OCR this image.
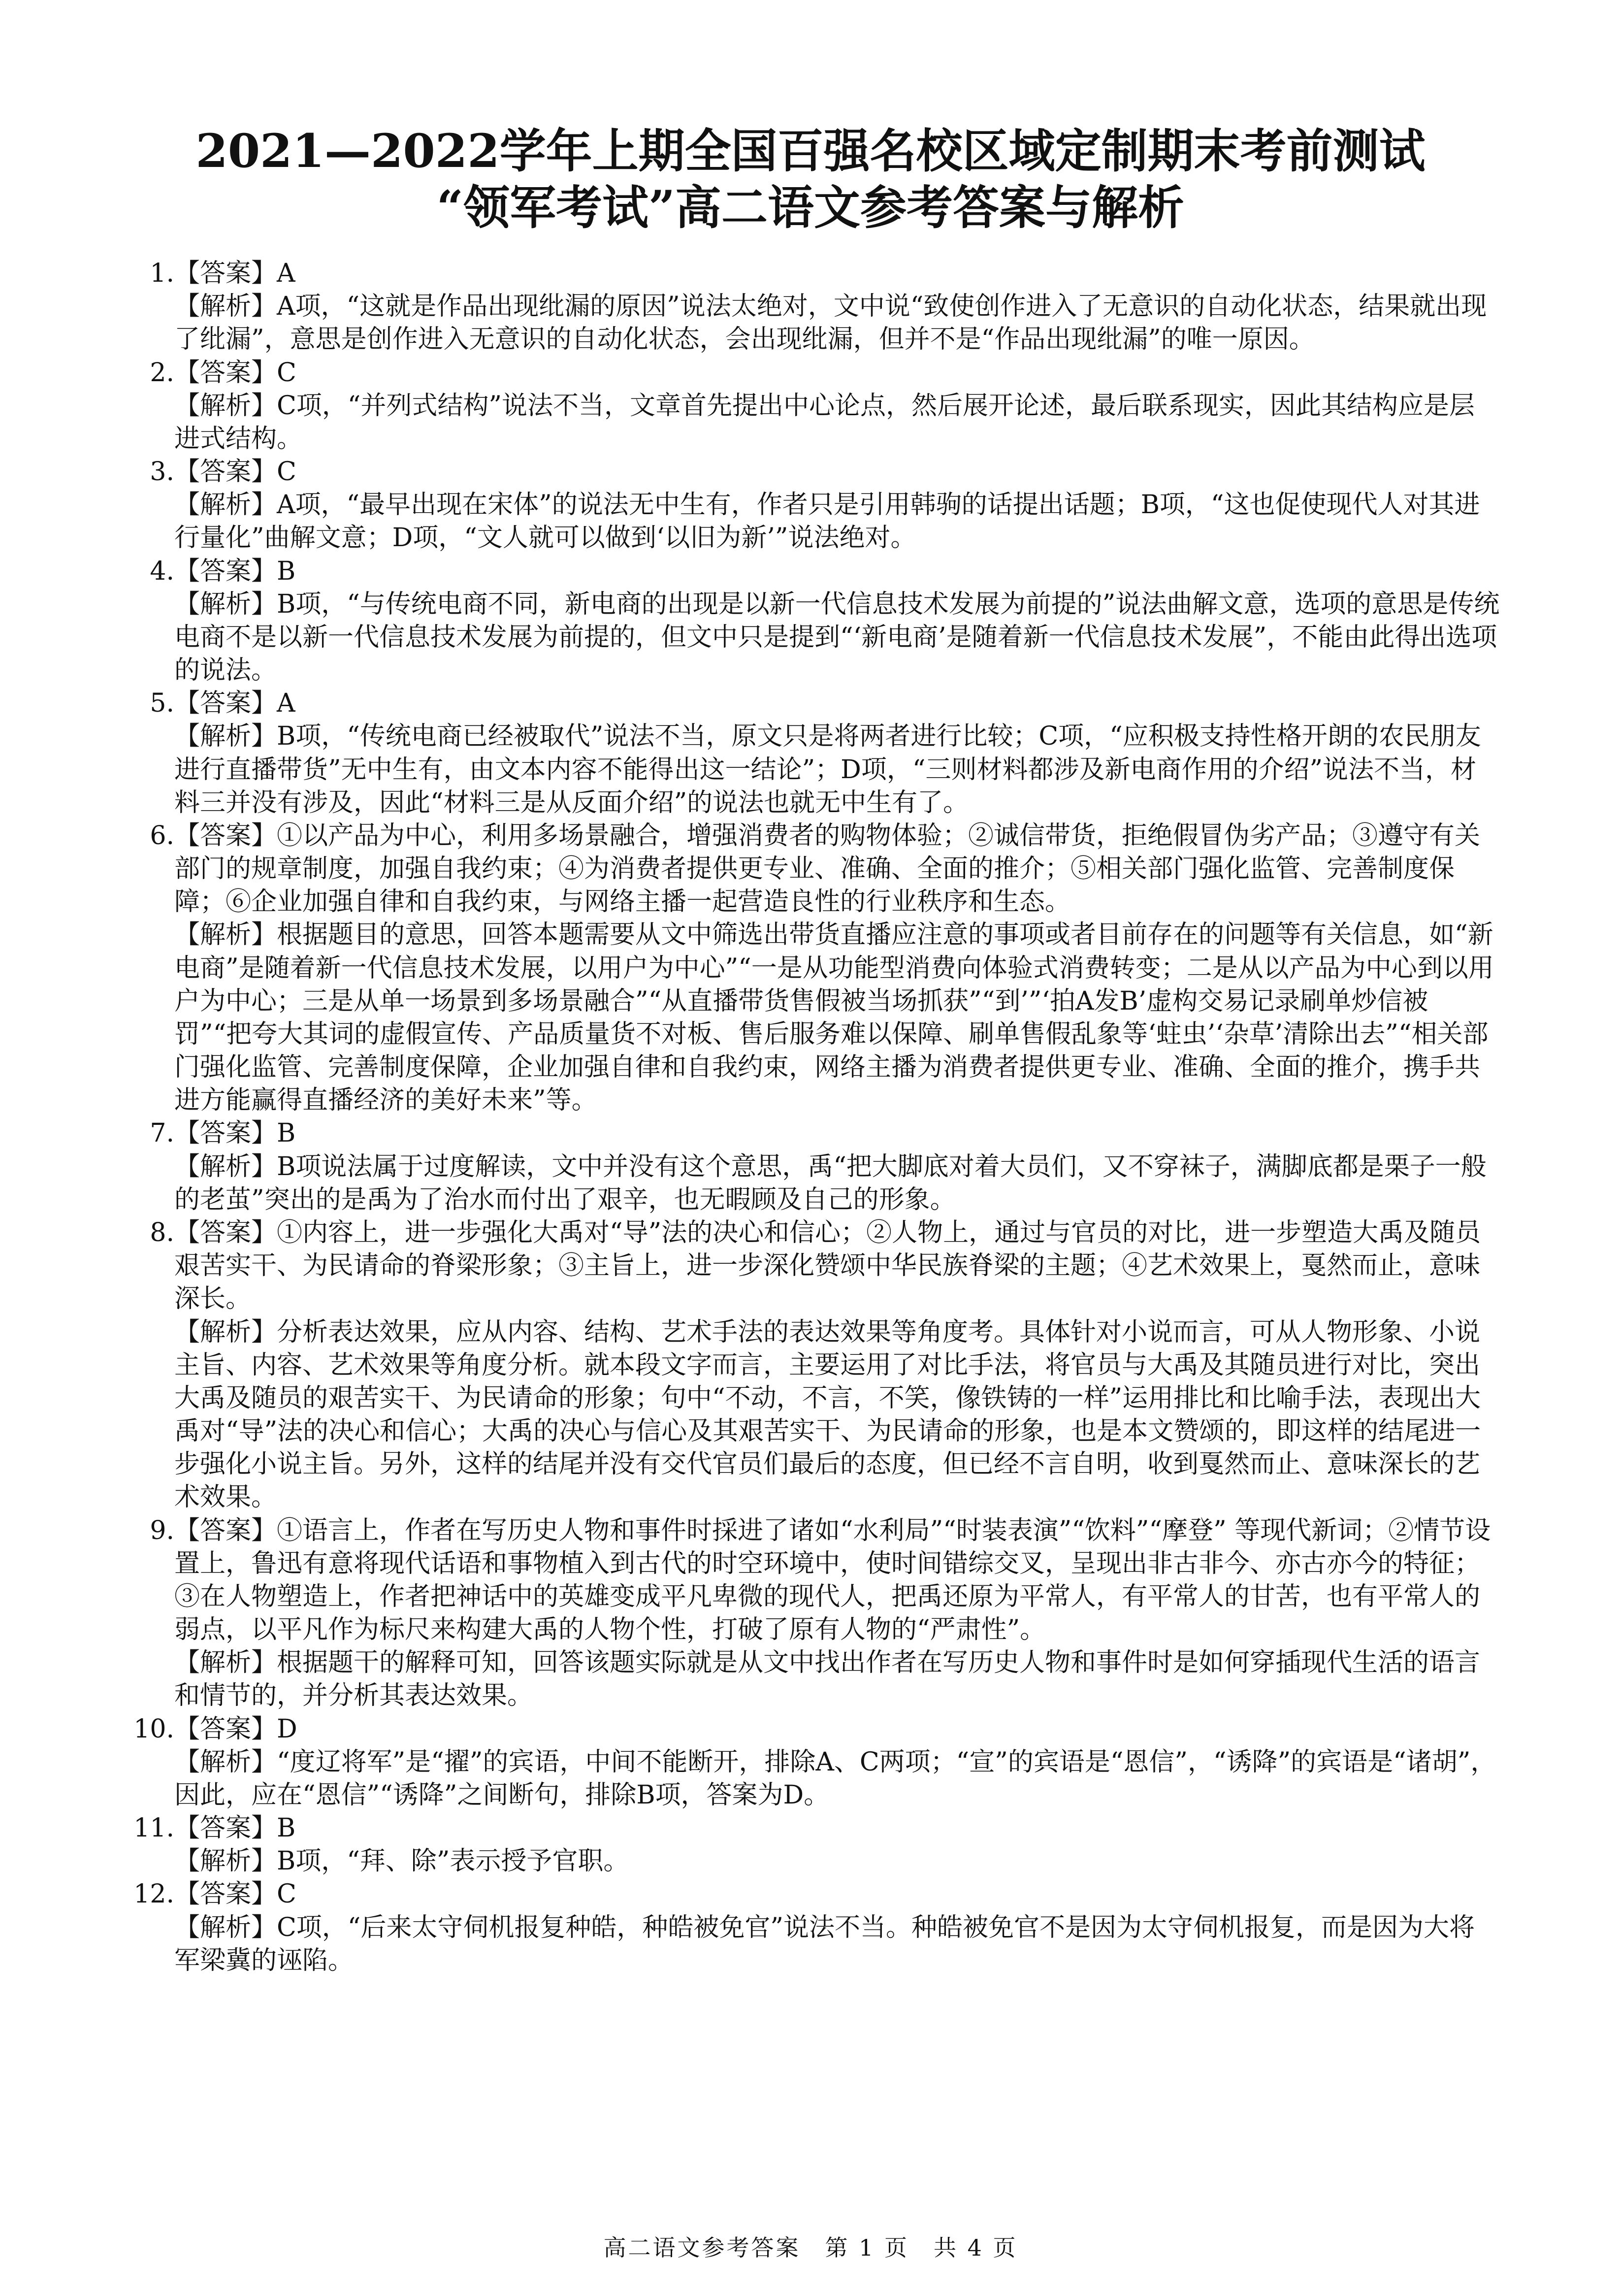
2021—2022学年上期全国百强名校区域定制期末考前测试
“领军考试”高二语文参考答案与解析
1. 【答案】A

【解析】A项，“这就是作品出现纰漏的原因”说法太绝对，文中说“致使创作进入了无意识的自动化状态，结果就出现了纰漏”，意思是创作进入无意识的自动化状态，会出现纰漏，但并不是“作品出现纰漏”的唯一原因。

2. 【答案】C

【解析】C项，“并列式结构”说法不当，文章首先提出中心论点，然后展开论述，最后联系现实，因此其结构应是层进式结构。

3. 【答案】C

【解析】A项，“最早出现在宋体”的说法无中生有，作者只是引用韩驹的话提出话题；B项，“这也促使现代人对其进行量化”曲解文意；D项，“文人就可以做到‘以旧为新’”说法绝对。

4. 【答案】B

【解析】B项，“与传统电商不同，新电商的出现是以新一代信息技术发展为前提的”说法曲解文意，选项的意思是传统电商不是以新一代信息技术发展为前提的，但文中只是提到“‘新电商’是随着新一代信息技术发展”，不能由此得出选项的说法。

5. 【答案】A

【解析】B项，“传统电商已经被取代”说法不当，原文只是将两者进行比较；C项，“应积极支持性格开朗的农民朋友进行直播带货”无中生有，由文本内容不能得出这一结论”；D项，“三则材料都涉及新电商作用的介绍”说法不当，材料三并没有涉及，因此“材料三是从反面介绍”的说法也就无中生有了。

6. 【答案】①以产品为中心，利用多场景融合，增强消费者的购物体验；②诚信带货，拒绝假冒伪劣产品；③遵守有关部门的规章制度，加强自我约束；④为消费者提供更专业、准确、全面的推介；⑤相关部门强化监管、完善制度保障；⑥企业加强自律和自我约束，与网络主播一起营造良性的行业秩序和生态。

【解析】根据题目的意思，回答本题需要从文中筛选出带货直播应注意的事项或者目前存在的问题等有关信息，如“新电商”是随着新一代信息技术发展，以用户为中心”“一是从功能型消费向体验式消费转变；二是从以产品为中心到以用户为中心；三是从单一场景到多场景融合”“从直播带货售假被当场抓获”“到’”‘拍A发B’虚构交易记录刷单炒信被罚”“把夸大其词的虚假宣传、产品质量货不对板、售后服务难以保障、刷单售假乱象等‘蛀虫’‘杂草’清除出去”“相关部门强化监管、完善制度保障，企业加强自律和自我约束，网络主播为消费者提供更专业、准确、全面的推介，携手共进方能赢得直播经济的美好未来”等。

7. 【答案】B

【解析】B项说法属于过度解读，文中并没有这个意思，禹“把大脚底对着大员们，又不穿袜子，满脚底都是栗子一般的老茧”突出的是禹为了治水而付出了艰辛，也无暇顾及自己的形象。

8. 【答案】①内容上，进一步强化大禹对“导”法的决心和信心；②人物上，通过与官员的对比，进一步塑造大禹及随员艰苦实干、为民请命的脊梁形象；③主旨上，进一步深化赞颂中华民族脊梁的主题；④艺术效果上，戛然而止，意味深长。

【解析】分析表达效果，应从内容、结构、艺术手法的表达效果等角度考。具体针对小说而言，可从人物形象、小说主旨、内容、艺术效果等角度分析。就本段文字而言，主要运用了对比手法，将官员与大禹及其随员进行对比，突出大禹及随员的艰苦实干、为民请命的形象；句中“不动，不言，不笑，像铁铸的一样”运用排比和比喻手法，表现出大禹对“导”法的决心和信心；大禹的决心与信心及其艰苦实干、为民请命的形象，也是本文赞颂的，即这样的结尾进一步强化小说主旨。另外，这样的结尾并没有交代官员们最后的态度，但已经不言自明，收到戛然而止、意味深长的艺术效果。

9. 【答案】①语言上，作者在写历史人物和事件时採进了诸如“水利局”“时装表演”“饮料”“摩登” 等现代新词；②情节设置上，鲁迅有意将现代话语和事物植入到古代的时空环境中，使时间错综交叉，呈现出非古非今、亦古亦今的特征；③在人物塑造上，作者把神话中的英雄变成平凡卑微的现代人，把禹还原为平常人，有平常人的甘苦，也有平常人的弱点，以平凡作为标尺来构建大禹的人物个性，打破了原有人物的“严肃性”。

【解析】根据题干的解释可知，回答该题实际就是从文中找出作者在写历史人物和事件时是如何穿插现代生活的语言和情节的，并分析其表达效果。

10. 【答案】D

【解析】“度辽将军”是“擢”的宾语，中间不能断开，排除A、C两项；“宣”的宾语是“恩信”，“诱降”的宾语是“诸胡”，因此，应在“恩信”“诱降”之间断句，排除B项，答案为D。

11. 【答案】B

【解析】B项，“拜、除”表示授予官职。

12. 【答案】C

【解析】C项，“后来太守伺机报复种皓，种皓被免官”说法不当。种皓被免官不是因为太守伺机报复，而是因为大将军梁冀的诬陷。

高二语文参考答案　第 1 页　共 4 页
